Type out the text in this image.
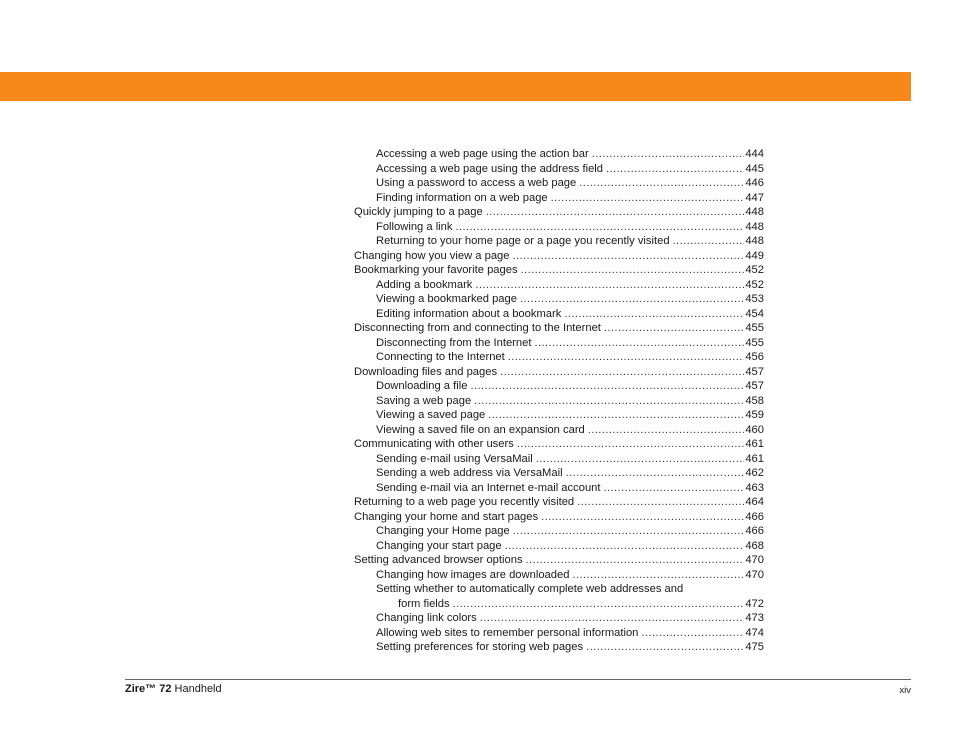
Accessing a web page using the action bar .....	444
Accessing a web page using the address field .....	445
Using a password to access a web page .....	446
Finding information on a web page .....	447
Quickly jumping to a page .....	448
Following a link .....	448
Returning to your home page or a page you recently visited .....	448
Changing how you view a page .....	449
Bookmarking your favorite pages .....	452
Adding a bookmark .....	452
Viewing a bookmarked page .....	453
Editing information about a bookmark .....	454
Disconnecting from and connecting to the Internet .....	455
Disconnecting from the Internet .....	455
Connecting to the Internet .....	456
Downloading files and pages .....	457
Downloading a file .....	457
Saving a web page .....	458
Viewing a saved page .....	459
Viewing a saved file on an expansion card .....	460
Communicating with other users .....	461
Sending e-mail using VersaMail .....	461
Sending a web address via VersaMail .....	462
Sending e-mail via an Internet e-mail account .....	463
Returning to a web page you recently visited .....	464
Changing your home and start pages .....	466
Changing your Home page .....	466
Changing your start page .....	468
Setting advanced browser options .....	470
Changing how images are downloaded .....	470
Setting whether to automatically complete web addresses and
form fields .....	472
Changing link colors .....	473
Allowing web sites to remember personal information .....	474
Setting preferences for storing web pages .....	475
Zire™ 72 Handheld	xiv
